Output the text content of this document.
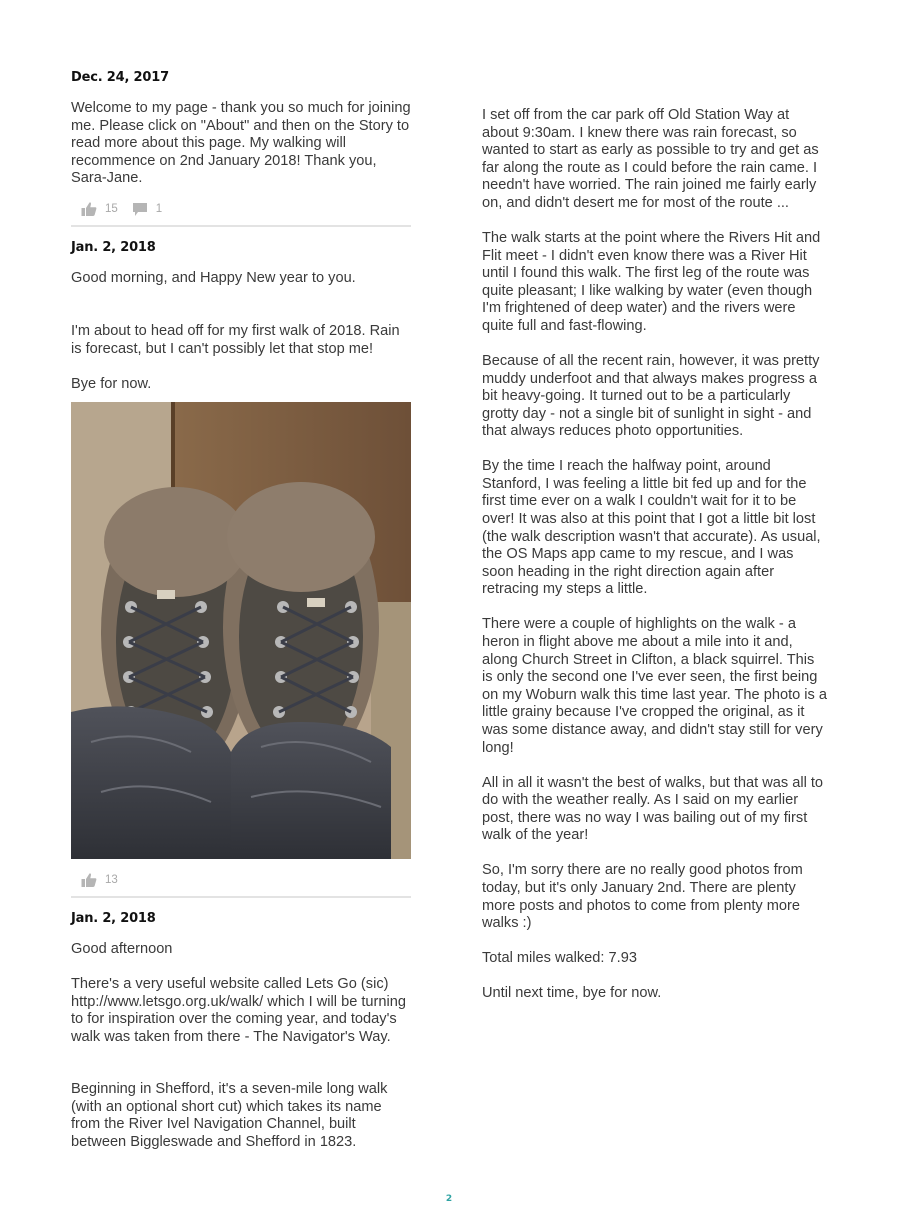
Dec. 24, 2017
Welcome to my page - thank you so much for joining me. Please click on "About" and then on the Story to read more about this page. My walking will recommence on 2nd January 2018! Thank you, Sara-Jane.
15	1
Jan. 2, 2018
Good morning, and Happy New year to you.
I'm about to head off for my first walk of 2018. Rain is forecast, but I can't possibly let that stop me!
Bye for now.
13
Jan. 2, 2018
Good afternoon
There's a very useful website called Lets Go (sic) http://www.letsgo.org.uk/walk/ which I will be turning to for inspiration over the coming year, and today's walk was taken from there - The Navigator's Way.
Beginning in Shefford, it's a seven-mile long walk (with an optional short cut) which takes its name from the River Ivel Navigation Channel, built between Biggleswade and Shefford in 1823.
I set off from the car park off Old Station Way at about 9:30am. I knew there was rain forecast, so wanted to start as early as possible to try and get as far along the route as I could before the rain came. I needn't have worried. The rain joined me fairly early on, and didn't desert me for most of the route ...
The walk starts at the point where the Rivers Hit and Flit meet - I didn't even know there was a River Hit until I found this walk. The first leg of the route was quite pleasant; I like walking by water (even though I'm frightened of deep water) and the rivers were quite full and fast-flowing.
Because of all the recent rain, however, it was pretty muddy underfoot and that always makes progress a bit heavy-going. It turned out to be a particularly grotty day - not a single bit of sunlight in sight - and that always reduces photo opportunities.
By the time I reach the halfway point, around Stanford, I was feeling a little bit fed up and for the first time ever on a walk I couldn't wait for it to be over! It was also at this point that I got a little bit lost (the walk description wasn't that accurate). As usual, the OS Maps app came to my rescue, and I was soon heading in the right direction again after retracing my steps a little.
There were a couple of highlights on the walk - a heron in flight above me about a mile into it and, along Church Street in Clifton, a black squirrel. This is only the second one I've ever seen, the first being on my Woburn walk this time last year. The photo is a little grainy because I've cropped the original, as it was some distance away, and didn't stay still for very long!
All in all it wasn't the best of walks, but that was all to do with the weather really. As I said on my earlier post, there was no way I was bailing out of my first walk of the year!
So, I'm sorry there are no really good photos from today, but it's only January 2nd. There are plenty more posts and photos to come from plenty more walks :)
Total miles walked: 7.93
Until next time, bye for now.
2
